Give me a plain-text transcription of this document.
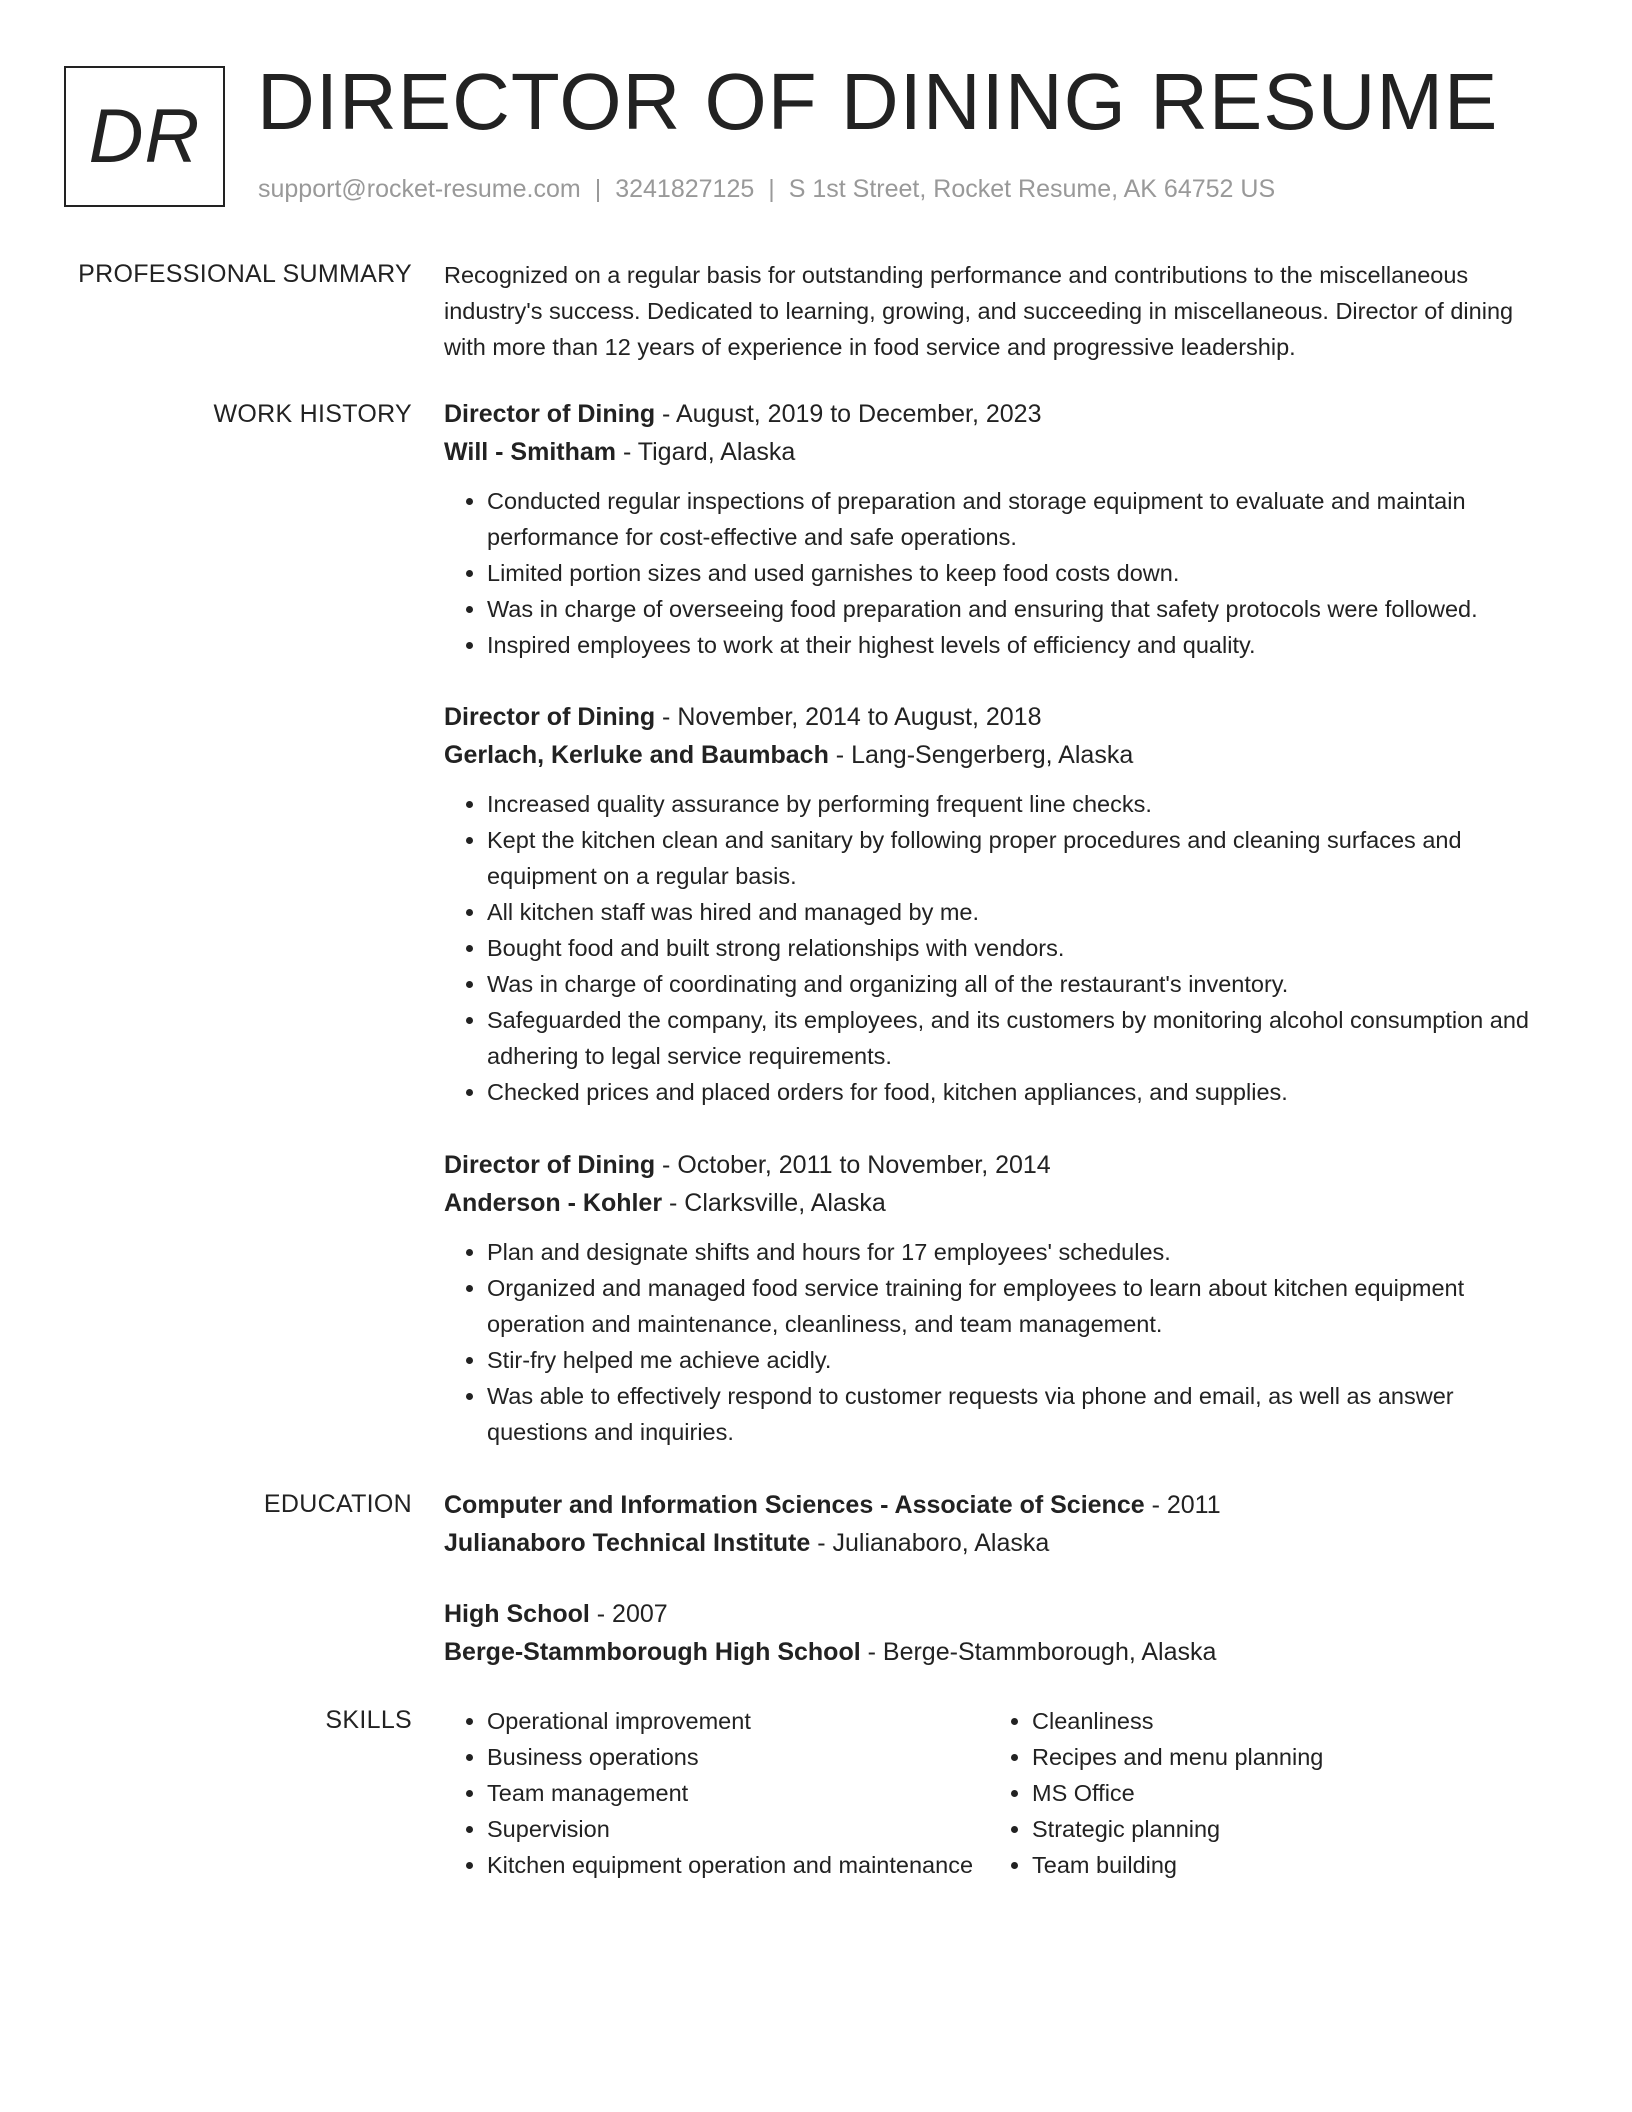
DR DIRECTOR OF DINING RESUME
support@rocket-resume.com | 3241827125 | S 1st Street, Rocket Resume, AK 64752 US
PROFESSIONAL SUMMARY Recognized on a regular basis for outstanding performance and contributions to the miscellaneous industry's success. Dedicated to learning, growing, and succeeding in miscellaneous. Director of dining with more than 12 years of experience in food service and progressive leadership.

WORK HISTORY Director of Dining - August, 2019 to December, 2023
Will - Smitham - Tigard, Alaska
• Conducted regular inspections of preparation and storage equipment to evaluate and maintain performance for cost-effective and safe operations.
• Limited portion sizes and used garnishes to keep food costs down.
• Was in charge of overseeing food preparation and ensuring that safety protocols were followed.
• Inspired employees to work at their highest levels of efficiency and quality.
Director of Dining - November, 2014 to August, 2018
Gerlach, Kerluke and Baumbach - Lang-Sengerberg, Alaska
• Increased quality assurance by performing frequent line checks.
• Kept the kitchen clean and sanitary by following proper procedures and cleaning surfaces and equipment on a regular basis.
• All kitchen staff was hired and managed by me.
• Bought food and built strong relationships with vendors.
• Was in charge of coordinating and organizing all of the restaurant's inventory.
• Safeguarded the company, its employees, and its customers by monitoring alcohol consumption and adhering to legal service requirements.
• Checked prices and placed orders for food, kitchen appliances, and supplies.
Director of Dining - October, 2011 to November, 2014
Anderson - Kohler - Clarksville, Alaska
• Plan and designate shifts and hours for 17 employees' schedules.
• Organized and managed food service training for employees to learn about kitchen equipment operation and maintenance, cleanliness, and team management.
• Stir-fry helped me achieve acidly.
• Was able to effectively respond to customer requests via phone and email, as well as answer questions and inquiries.
EDUCATION Computer and Information Sciences - Associate of Science - 2011
Julianaboro Technical Institute - Julianaboro, Alaska
High School - 2007
Berge-Stammborough High School - Berge-Stammborough, Alaska
SKILLS
•	Operational improvement
• Business operations
• Team management
• Supervision
• Kitchen equipment operation and maintenance
• Cleanliness
• Recipes and menu planning
• MS Office
• Strategic planning
• Team building
